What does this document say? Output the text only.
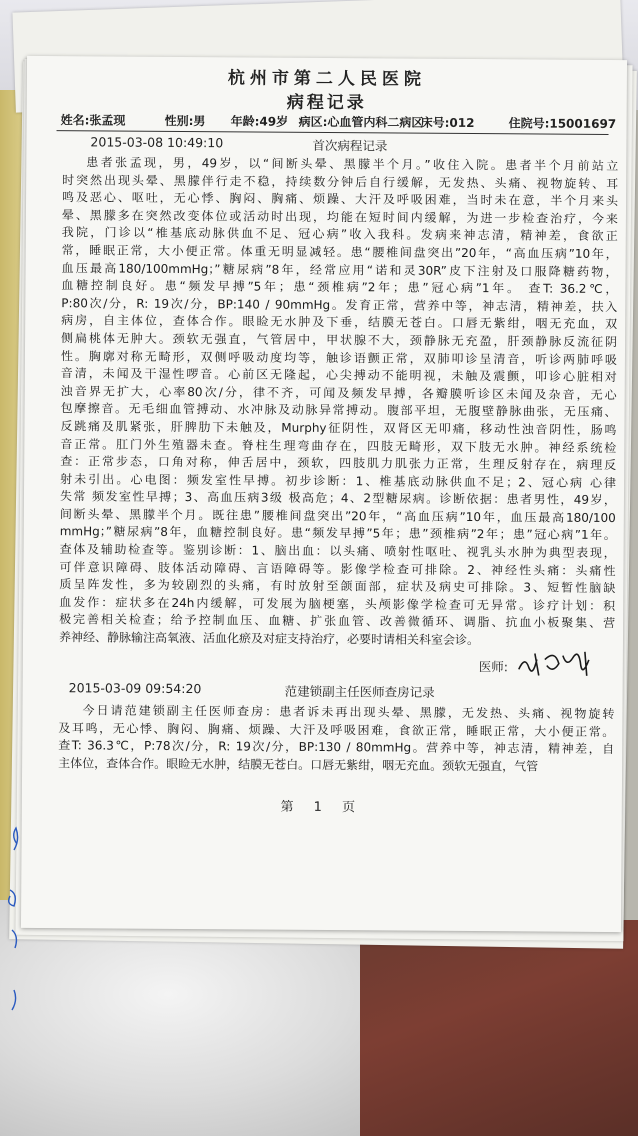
杭州市第二人民医院
病程记录
姓名:张孟现	性别:男 年龄:49岁 病区:心血管内科二病区
床号:012	住院号:15001697
2015-03-08 10:49:10	首次病程记录
患者张孟现，男，49岁，以“间断头晕、黑朦半个月。”收住入院。患者半个月前站立
时突然出现头晕、黑朦伴行走不稳，持续数分钟后自行缓解，无发热、头痛、视物旋转、耳
鸣及恶心、呕吐，无心悸、胸闷、胸痛、烦躁、大汗及呼吸困难，当时未在意，半个月来头
晕、黑朦多在突然改变体位或活动时出现，均能在短时间内缓解，为进一步检查治疗，今来
我院，门诊以“椎基底动脉供血不足、冠心病”收入我科。发病来神志清，精神差，食欲正
常，睡眠正常，大小便正常。体重无明显减轻。患“腰椎间盘突出”20年，“高血压病”10年，
血压最高180/100mmHg；”糖尿病”8年，经常应用“诺和灵30R”皮下注射及口服降糖药物，
血糖控制良好。患“频发早搏”5年；患“颈椎病”2年；患”冠心病”1年。 查T: 36.2℃，
P:80次/分，R: 19次/分，BP:140 / 90mmHg。发育正常，营养中等，神志清，精神差，扶入
病房，自主体位，查体合作。眼睑无水肿及下垂，结膜无苍白。口唇无紫绀，咽无充血，双
侧扁桃体无肿大。颈软无强直，气管居中，甲状腺不大，颈静脉无充盈，肝颈静脉反流征阴
性。胸廓对称无畸形，双侧呼吸动度均等，触诊语颤正常，双肺叩诊呈清音，听诊两肺呼吸
音清，未闻及干湿性啰音。心前区无隆起，心尖搏动不能明视，未触及震颤，叩诊心脏相对
浊音界无扩大，心率80次/分，律不齐，可闻及频发早搏，各瓣膜听诊区未闻及杂音，无心
包摩擦音。无毛细血管搏动、水冲脉及动脉异常搏动。腹部平坦，无腹壁静脉曲张，无压痛、
反跳痛及肌紧张，肝脾肋下未触及，Murphy征阴性，双肾区无叩痛，移动性浊音阴性，肠鸣
音正常。肛门外生殖器未查。脊柱生理弯曲存在，四肢无畸形，双下肢无水肿。神经系统检
查：正常步态，口角对称，伸舌居中，颈软，四肢肌力肌张力正常，生理反射存在，病理反
射未引出。心电图：频发室性早搏。初步诊断：1、椎基底动脉供血不足；2、冠心病 心律
失常 频发室性早搏；3、高血压病3级 极高危；4、2型糖尿病。诊断依据：患者男性，49岁，
间断头晕、黑朦半个月。既往患”腰椎间盘突出”20年，“高血压病”10年，血压最高180/100
mmHg；”糖尿病”8年，血糖控制良好。患“频发早搏”5年；患”颈椎病”2年；患”冠心病”1年。
查体及辅助检查等。鉴别诊断：1、脑出血：以头痛、喷射性呕吐、视乳头水肿为典型表现，
可伴意识障碍、肢体活动障碍、言语障碍等。影像学检查可排除。2、神经性头痛：头痛性
质呈阵发性，多为较剧烈的头痛，有时放射至颌面部，症状及病史可排除。3、短暂性脑缺
血发作：症状多在24h内缓解，可发展为脑梗塞，头颅影像学检查可无异常。诊疗计划：积
极完善相关检查；给予控制血压、血糖、扩张血管、改善微循环、调脂、抗血小板聚集、营
养神经、静脉输注高氧液、活血化瘀及对症支持治疗，必要时请相关科室会诊。
医师:
2015-03-09 09:54:20	范建锁副主任医师查房记录
今日请范建锁副主任医师查房：患者诉未再出现头晕、黑朦，无发热、头痛、视物旋转
及耳鸣，无心悸、胸闷、胸痛、烦躁、大汗及呼吸困难，食欲正常，睡眠正常，大小便正常。
查T: 36.3℃，P:78次/分，R: 19次/分，BP:130 / 80mmHg。营养中等，神志清，精神差，自
主体位，查体合作。眼睑无水肿，结膜无苍白。口唇无紫绀，咽无充血。颈软无强直，气管
第 1 页
